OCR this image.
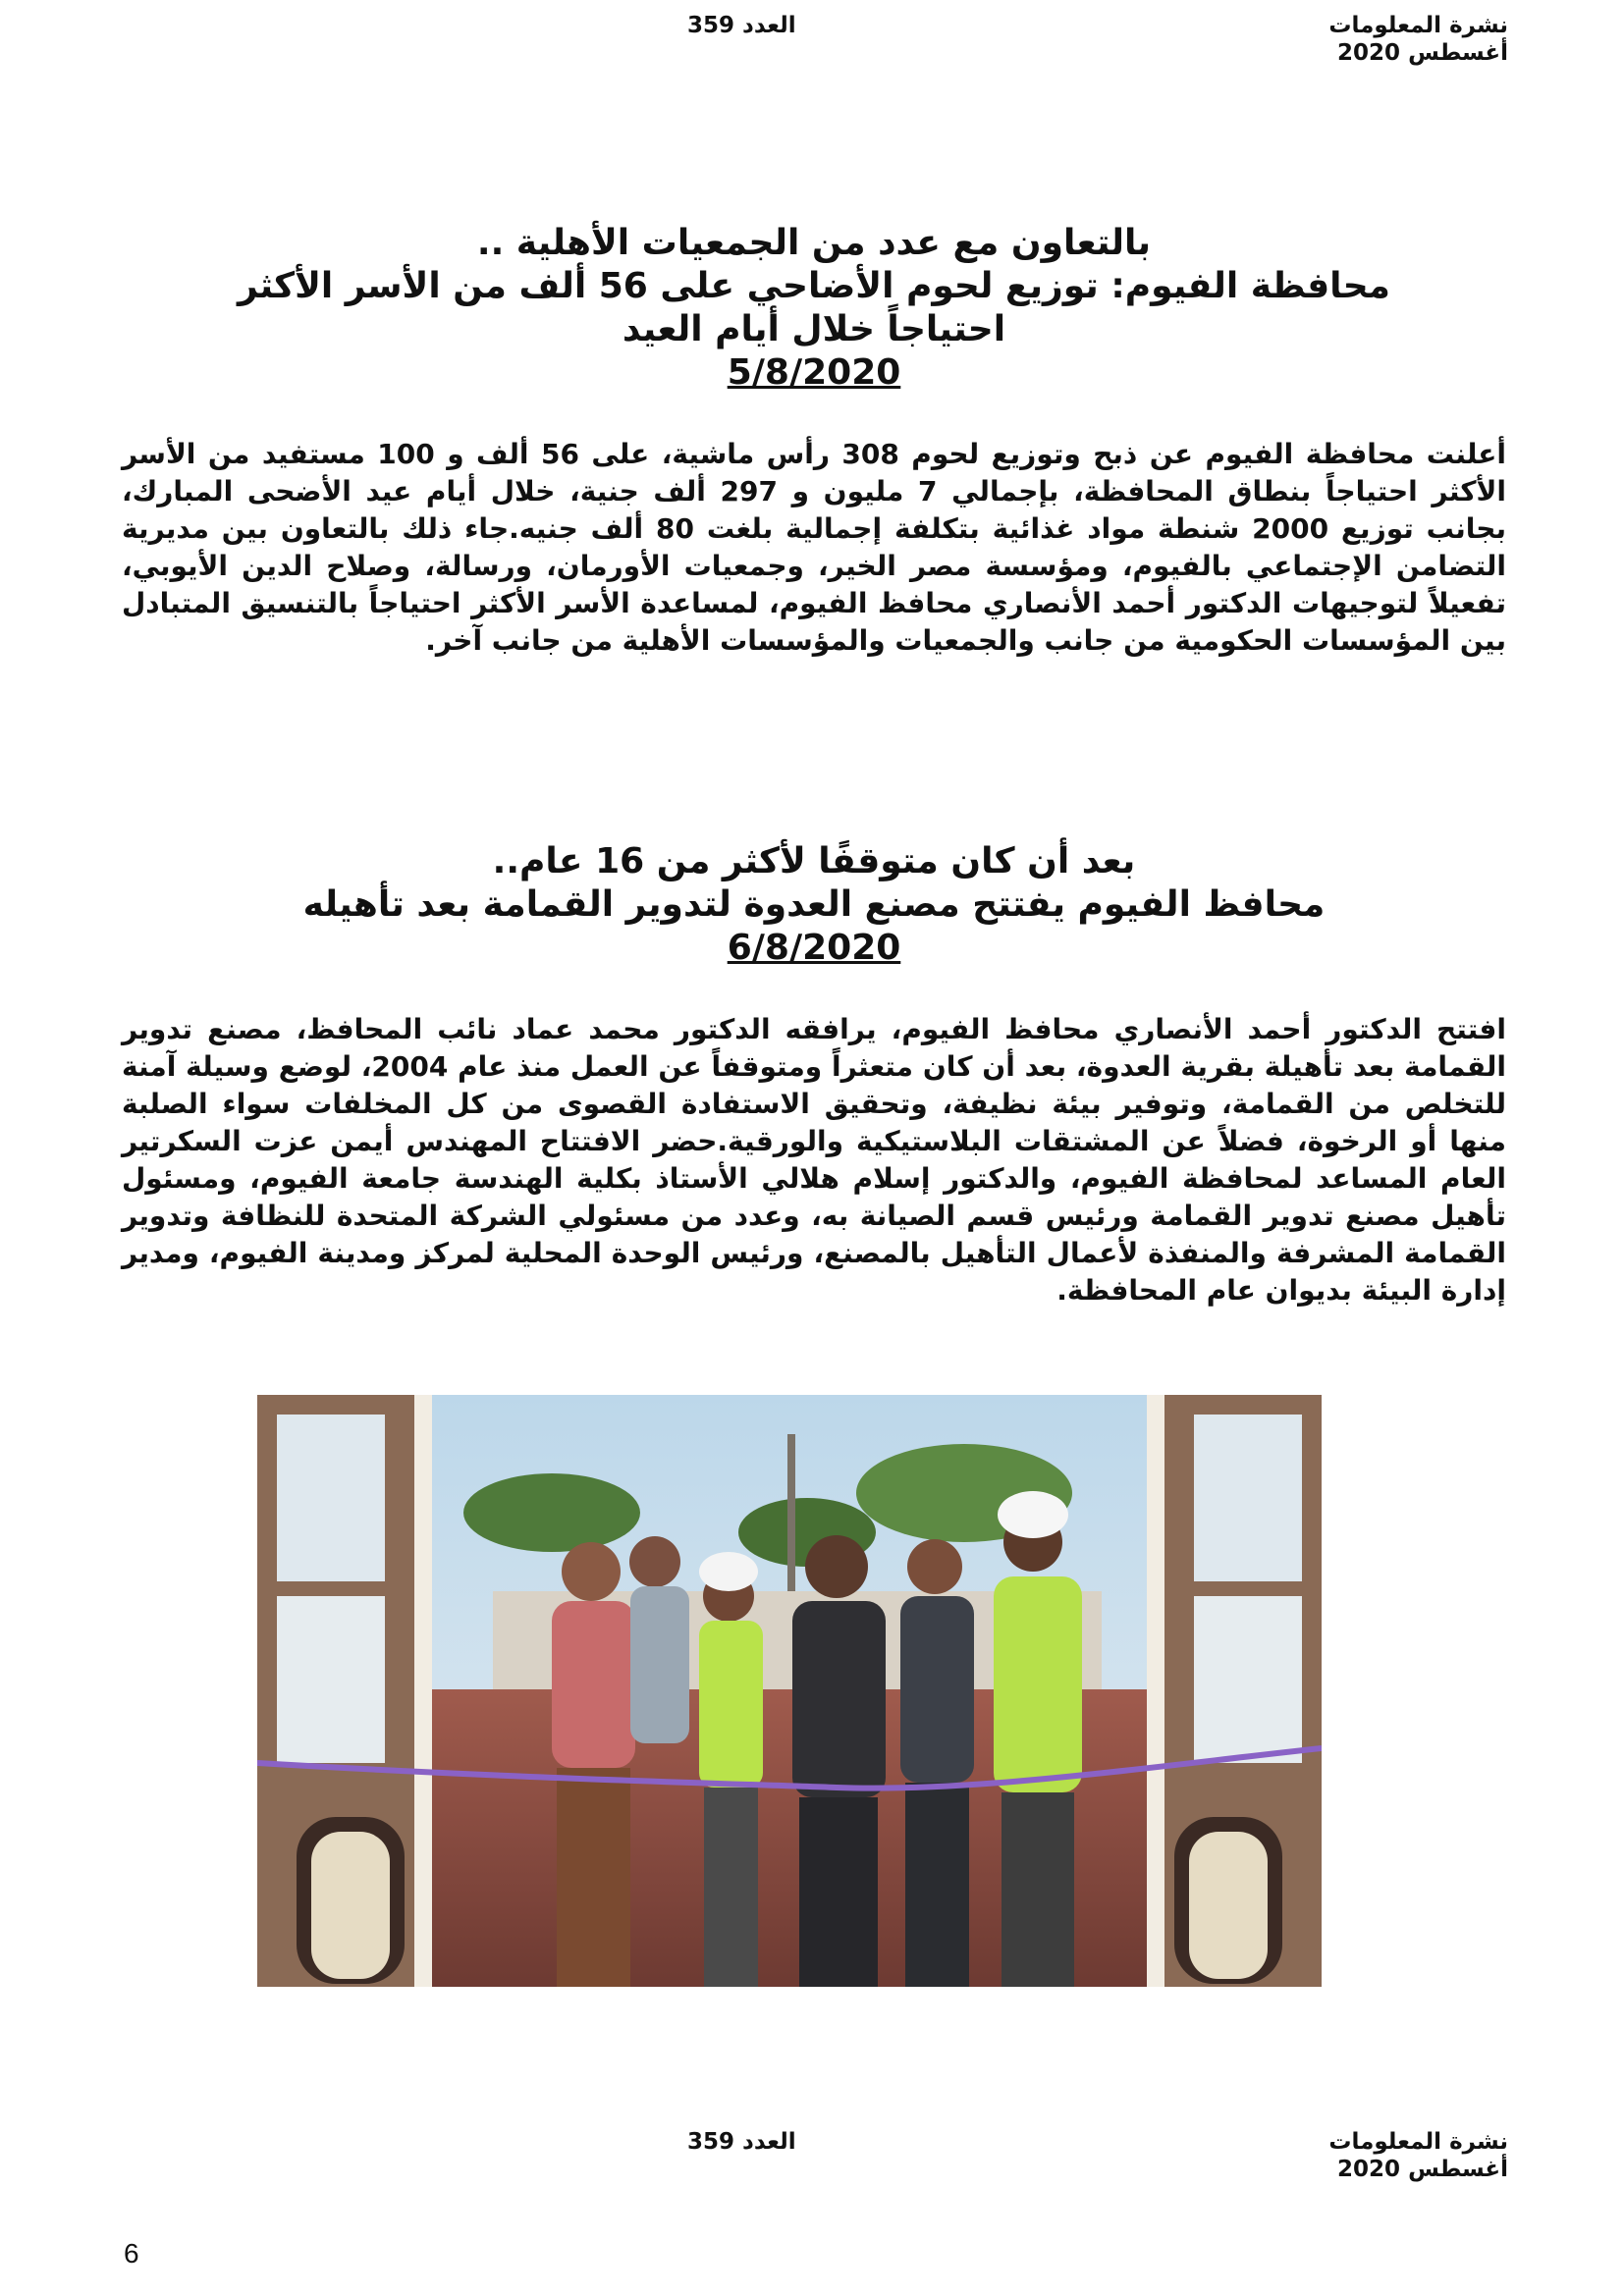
نشرة المعلومات
أغسطس 2020
العدد 359
بالتعاون مع عدد من الجمعيات الأهلية ..
محافظة الفيوم: توزيع لحوم الأضاحي على 56 ألف من الأسر الأكثر
احتياجاً خلال أيام العيد
5/8/2020

أعلنت محافظة الفيوم عن ذبح وتوزيع لحوم 308 رأس ماشية، على 56 ألف و 100 مستفيد من الأسر الأكثر احتياجاً بنطاق المحافظة، بإجمالي 7 مليون و 297 ألف جنية، خلال أيام عيد الأضحى المبارك، بجانب توزيع 2000 شنطة مواد غذائية بتكلفة إجمالية بلغت 80 ألف جنيه.جاء ذلك بالتعاون بين مديرية التضامن الإجتماعي بالفيوم، ومؤسسة مصر الخير، وجمعيات الأورمان، ورسالة، وصلاح الدين الأيوبي، تفعيلاً لتوجيهات الدكتور أحمد الأنصاري محافظ الفيوم، لمساعدة الأسر الأكثر احتياجاً بالتنسيق المتبادل بين المؤسسات الحكومية من جانب والجمعيات والمؤسسات الأهلية من جانب آخر.

بعد أن كان متوقفًا لأكثر من 16 عام..
محافظ الفيوم يفتتح مصنع العدوة لتدوير القمامة بعد تأهيله
6/8/2020

افتتح الدكتور أحمد الأنصاري محافظ الفيوم، يرافقه الدكتور محمد عماد نائب المحافظ، مصنع تدوير القمامة بعد تأهيلة بقرية العدوة، بعد أن كان متعثراً ومتوقفاً عن العمل منذ عام 2004، لوضع وسيلة آمنة للتخلص من القمامة، وتوفير بيئة نظيفة، وتحقيق الاستفادة القصوى من كل المخلفات سواء الصلبة منها أو الرخوة، فضلاً عن المشتقات البلاستيكية والورقية.حضر الافتتاح المهندس أيمن عزت السكرتير العام المساعد لمحافظة الفيوم، والدكتور إسلام هلالي الأستاذ بكلية الهندسة جامعة الفيوم، ومسئول تأهيل مصنع تدوير القمامة ورئيس قسم الصيانة به، وعدد من مسئولي الشركة المتحدة للنظافة وتدوير القمامة المشرفة والمنفذة لأعمال التأهيل بالمصنع، ورئيس الوحدة المحلية لمركز ومدينة الفيوم، ومدير إدارة البيئة بديوان عام المحافظة.

نشرة المعلومات
أغسطس 2020
العدد 359
6
